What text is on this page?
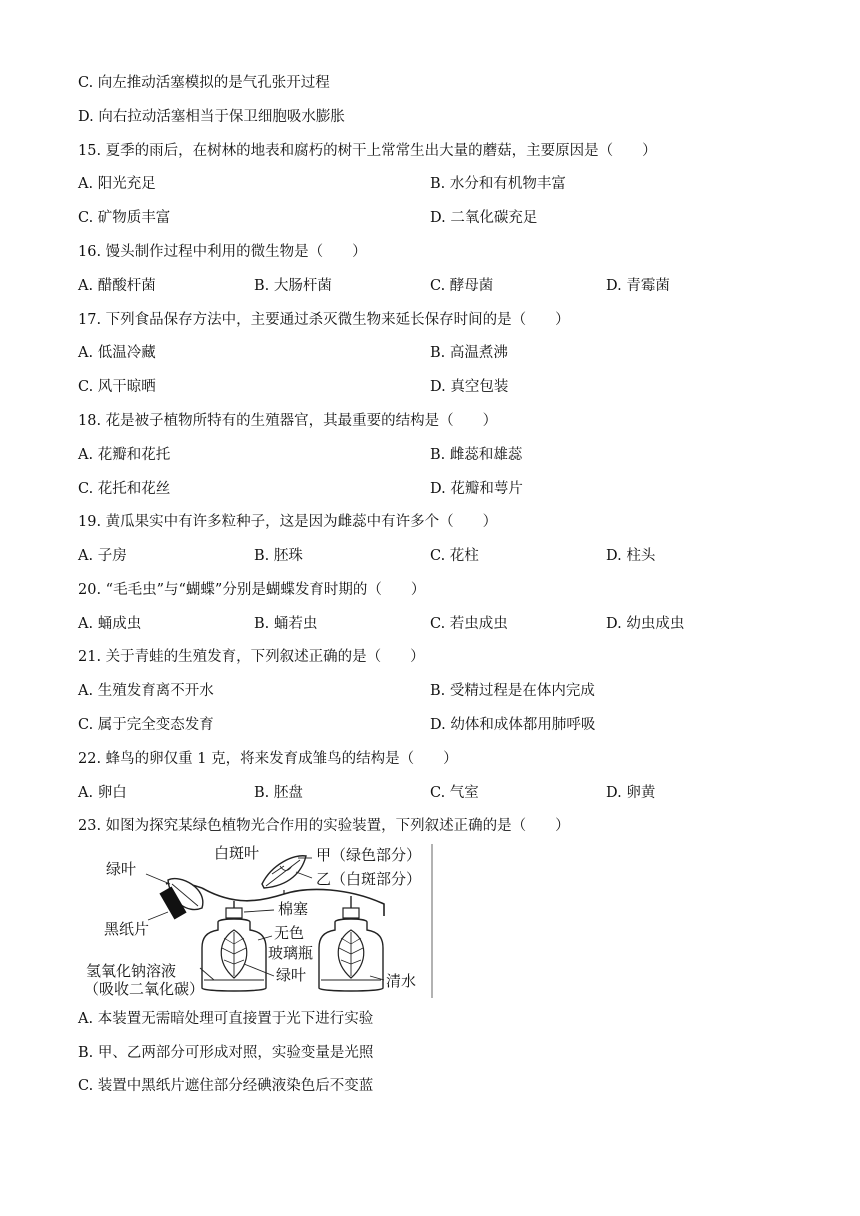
C. 向左推动活塞模拟的是气孔张开过程
D. 向右拉动活塞相当于保卫细胞吸水膨胀
15. 夏季的雨后，在树林的地表和腐朽的树干上常常生出大量的蘑菇，主要原因是（　　）
A. 阳光充足	B. 水分和有机物丰富
C. 矿物质丰富	D. 二氧化碳充足
16. 馒头制作过程中利用的微生物是（　　）
A. 醋酸杆菌	B. 大肠杆菌	C. 酵母菌	D. 青霉菌
17. 下列食品保存方法中，主要通过杀灭微生物来延长保存时间的是（　　）
A. 低温冷藏	B. 高温煮沸
C. 风干晾晒	D. 真空包装
18. 花是被子植物所特有的生殖器官，其最重要的结构是（　　）
A. 花瓣和花托	B. 雌蕊和雄蕊
C. 花托和花丝	D. 花瓣和萼片
19. 黄瓜果实中有许多粒种子，这是因为雌蕊中有许多个（　　）
A. 子房	B. 胚珠	C. 花柱	D. 柱头
20. “毛毛虫”与“蝴蝶”分别是蝴蝶发育时期的（　　）
A. 蛹成虫	B. 蛹若虫	C. 若虫成虫	D. 幼虫成虫
21. 关于青蛙的生殖发育，下列叙述正确的是（　　）
A. 生殖发育离不开水	B. 受精过程是在体内完成
C. 属于完全变态发育	D. 幼体和成体都用肺呼吸
22. 蜂鸟的卵仅重 1 克，将来发育成雏鸟的结构是（　　）
A. 卵白	B. 胚盘	C. 气室	D. 卵黄
23. 如图为探究某绿色植物光合作用的实验装置，下列叙述正确的是（　　）
白斑叶	甲（绿色部分）
乙（白斑部分）
绿叶
黑纸片
棉塞
无色
玻璃瓶
绿叶
氢氧化钠溶液
（吸收二氧化碳）	清水
A. 本装置无需暗处理可直接置于光下进行实验
B. 甲、乙两部分可形成对照，实验变量是光照
C. 装置中黑纸片遮住部分经碘液染色后不变蓝
